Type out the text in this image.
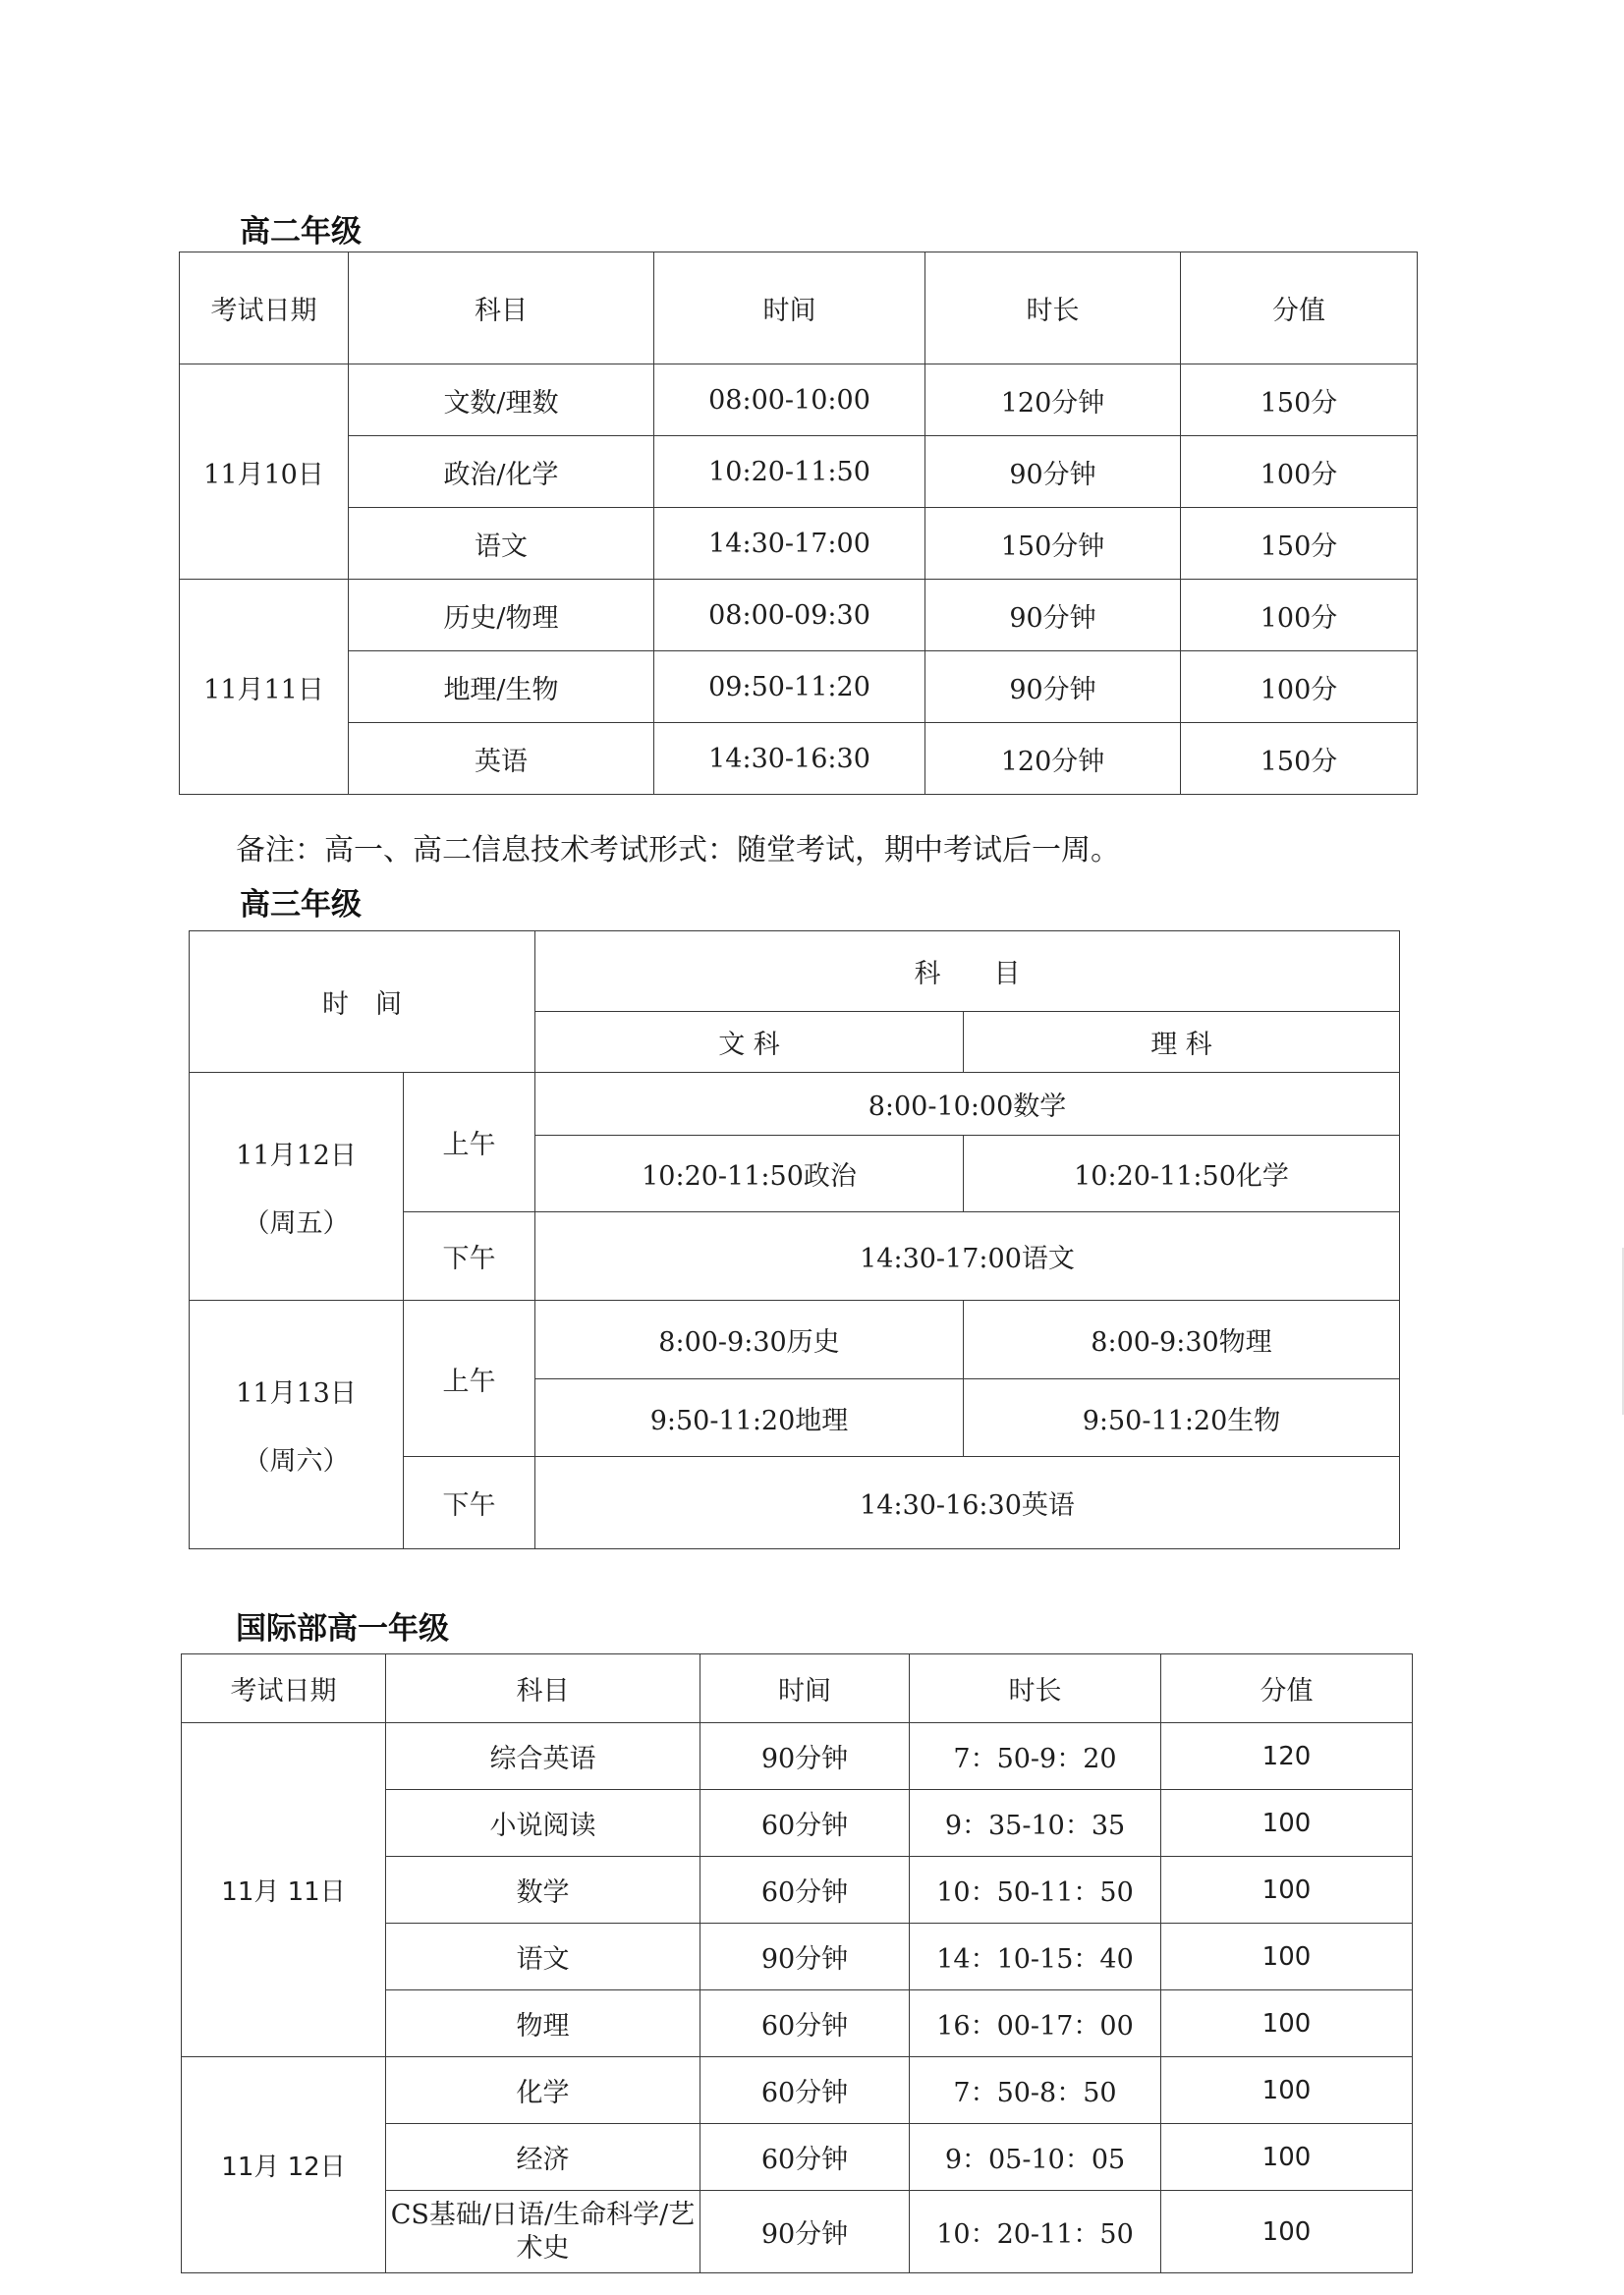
高二年级
考试日期	科目	时间	时长	分值
11月10日	文数/理数	08:00-10:00	120分钟	150分
	政治/化学	10:20-11:50	90分钟	100分
	语文	14:30-17:00	150分钟	150分
11月11日	历史/物理	08:00-09:30	90分钟	100分
	地理/生物	09:50-11:20	90分钟	100分
	英语	14:30-16:30	120分钟	150分

备注：高一、高二信息技术考试形式：随堂考试，期中考试后一周。

高三年级
时　间		科　　目	
		文 科	理 科

11月12日
（周五）	上午	8:00-10:00数学	
		10:20-11:50政治	10:20-11:50化学
	下午	14:30-17:00语文	

11月13日
（周六）	上午	8:00-9:30历史	8:00-9:30物理
		9:50-11:20地理	9:50-11:20生物
	下午	14:30-16:30英语	
国际部高一年级
考试日期	科目	时间	时长	分值
11月 11日	综合英语	90分钟	7：50-9：20	120
	小说阅读	60分钟	9：35-10：35	100
	数学	60分钟	10：50-11：50	100
	语文	90分钟	14：10-15：40	100
	物理	60分钟	16：00-17：00	100
11月 12日	化学	60分钟	7：50-8：50	100
	经济	60分钟	9：05-10：05	100
	CS基础/日语/生命科学/艺术史	90分钟	10：20-11：50	100
